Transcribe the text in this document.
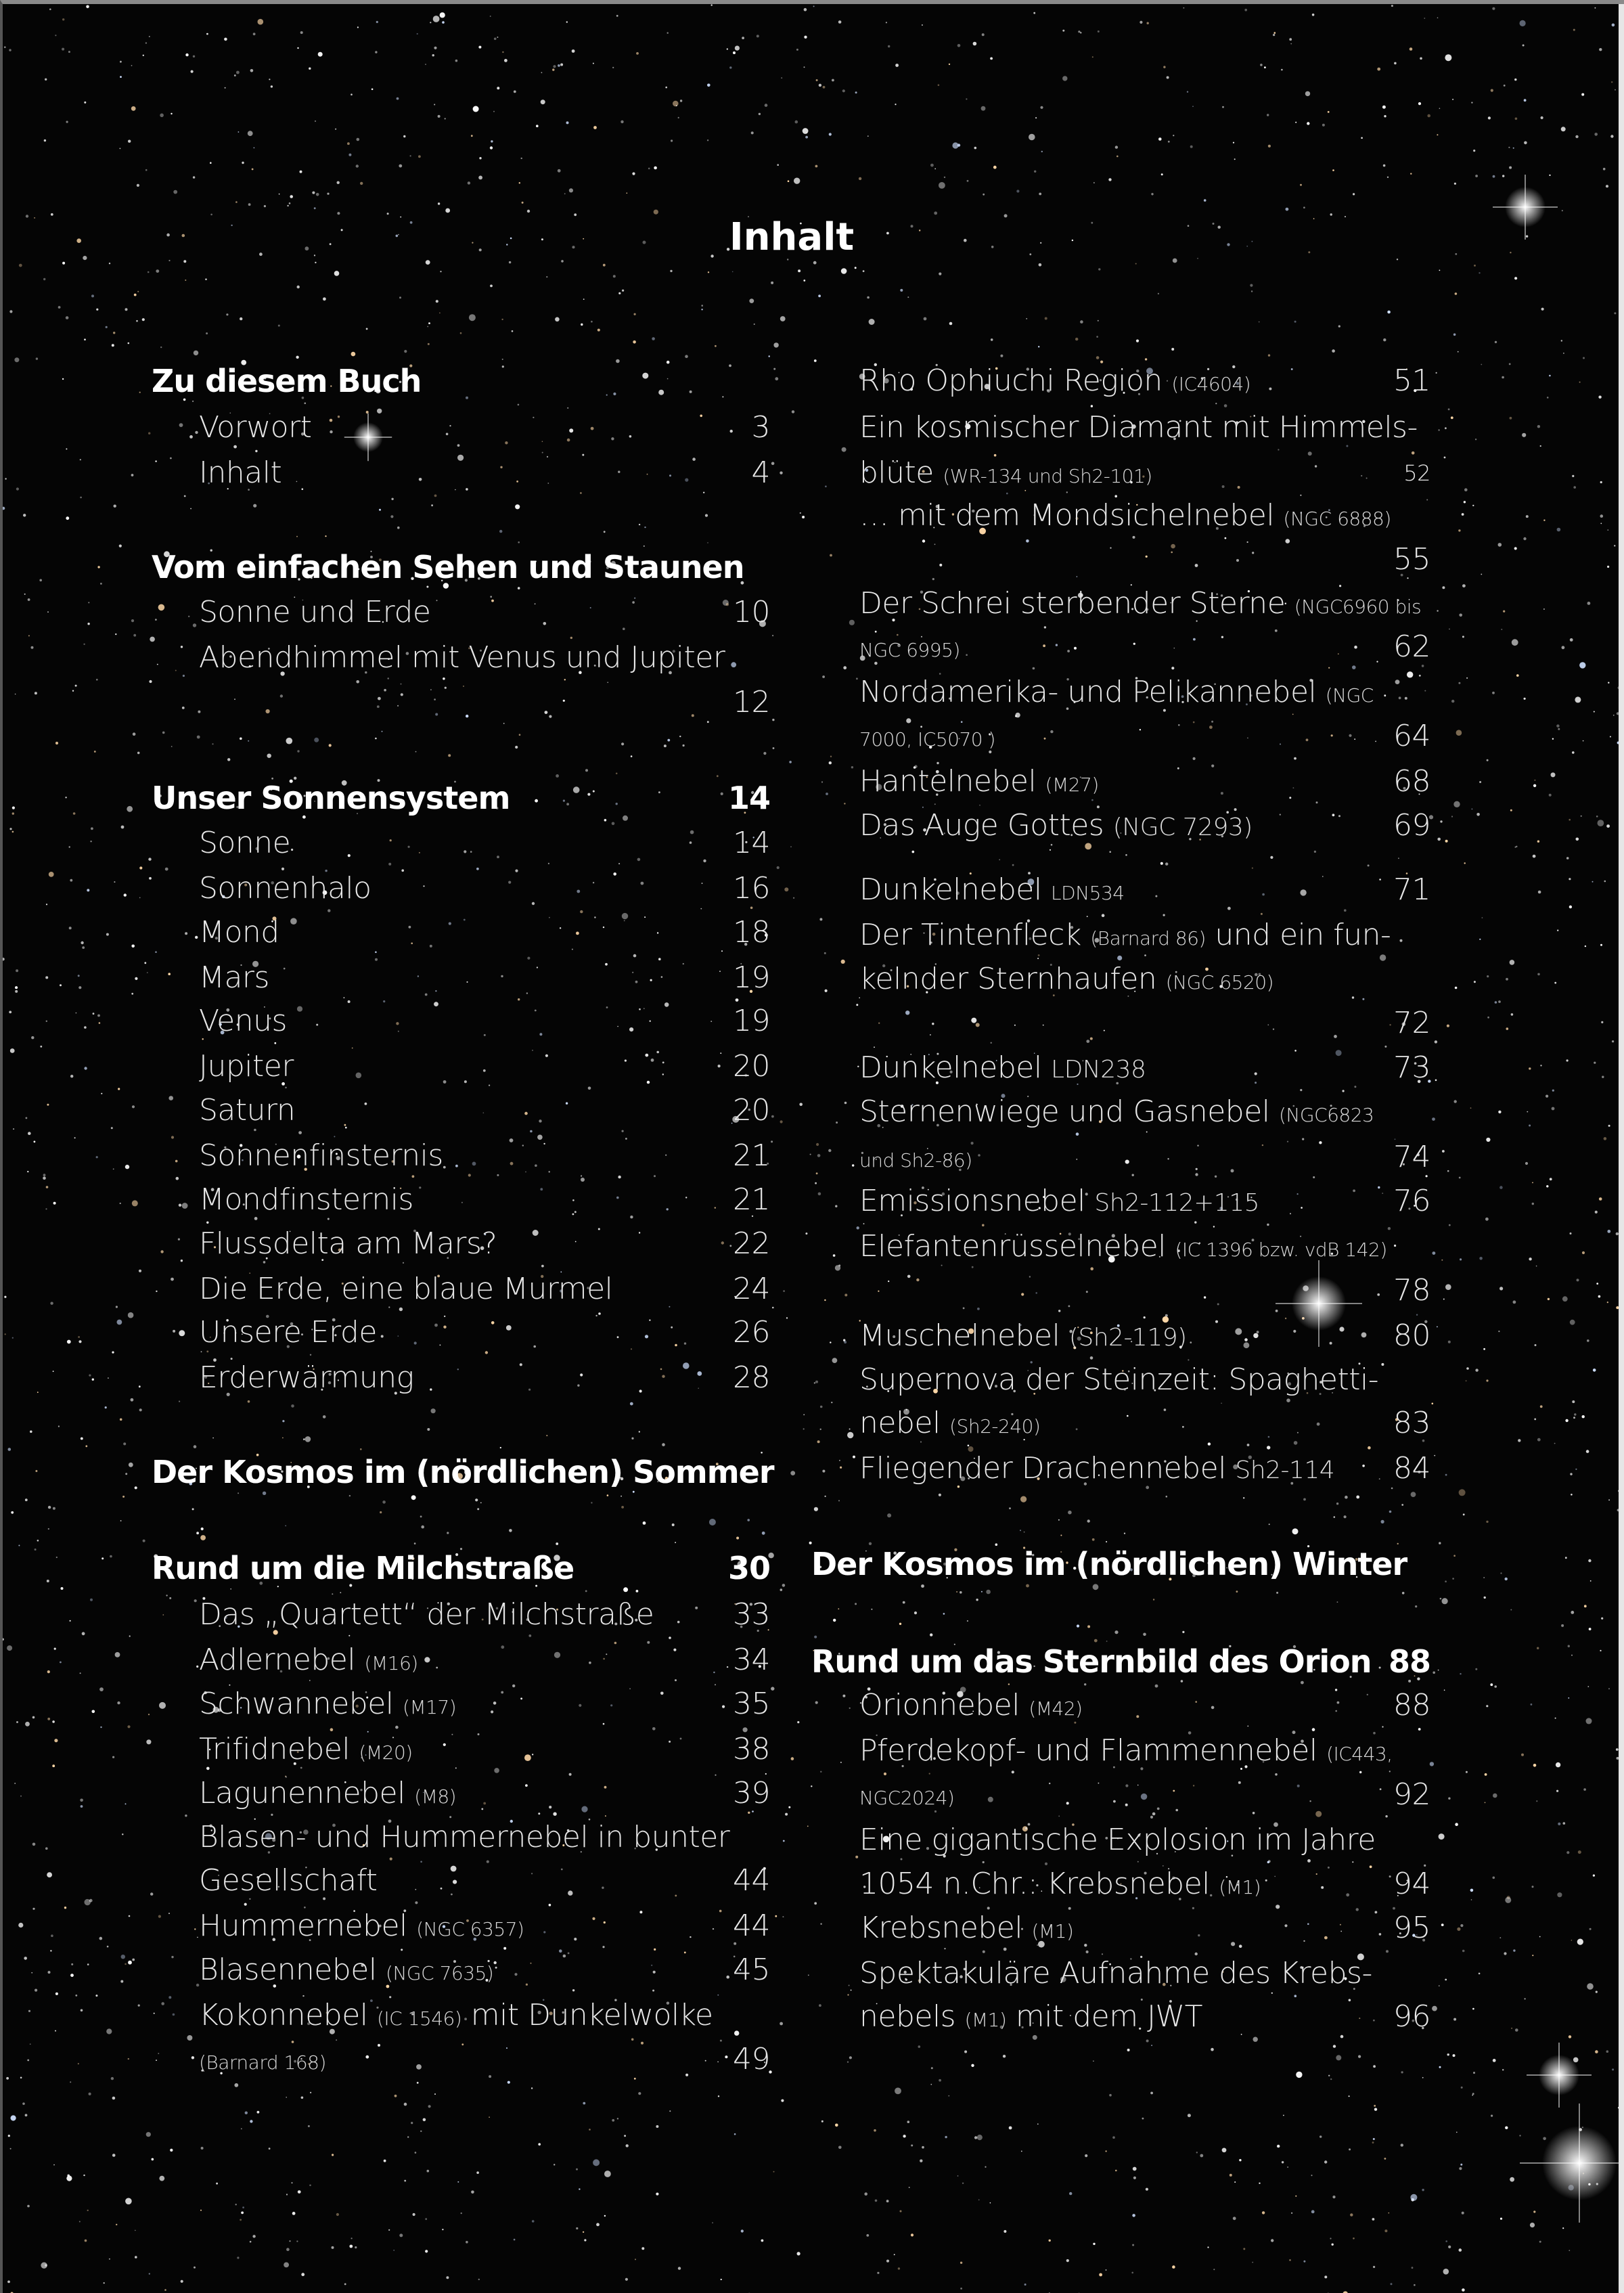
Inhalt
Zu diesem Buch
Vorwort	3
Inhalt	4
Vom einfachen Sehen und Staunen
Sonne und Erde	10
Abendhimmel mit Venus und Jupiter
12
Unser Sonnensystem	14
Sonne	14
Sonnenhalo	16
Mond	18
Mars	19
Venus	19
Jupiter	20
Saturn	20
Sonnenfinsternis	21
Mondfinsternis	21
Flussdelta am Mars?	22
Die Erde, eine blaue Murmel	24
Unsere Erde	26
Erderwärmung	28
Der Kosmos im (nördlichen) Sommer
Rund um die Milchstraße	30
Das „Quartett“ der Milchstraße	33
Adlernebel (M16)	34
Schwannebel (M17)	35
Trifidnebel (M20)	38
Lagunennebel (M8)	39
Blasen- und Hummernebel in bunter
Gesellschaft	44
Hummernebel (NGC 6357)	44
Blasennebel (NGC 7635)	45
Kokonnebel (IC 1546) mit Dunkelwolke
(Barnard 168)	49
Rho Ophiuchi Region (IC4604)	51
Ein kosmischer Diamant mit Himmels-
blüte (WR-134 und Sh2-101)	52
… mit dem Mondsichelnebel (NGC 6888)
55
Der Schrei sterbender Sterne (NGC6960 bis
NGC 6995)	62
Nordamerika- und Pelikannebel (NGC
7000, IC5070 )	64
Hantelnebel (M27)	68
Das Auge Gottes (NGC 7293)	69
Dunkelnebel LDN534	71
Der Tintenfleck (Barnard 86) und ein fun-
kelnder Sternhaufen (NGC 6520)
72
Dunkelnebel LDN238	73
Sternenwiege und Gasnebel (NGC6823
und Sh2-86)	74
Emissionsnebel Sh2-112+115	76
Elefantenrüsselnebel (IC 1396 bzw. vdB 142)
78
Muschelnebel (Sh2-119)	80
Supernova der Steinzeit: Spaghetti-
nebel (Sh2-240)	83
Fliegender Drachennebel Sh2-114 84
Der Kosmos im (nördlichen) Winter
Rund um das Sternbild des Orion 88
Orionnebel (M42)	88
Pferdekopf- und Flammennebel (IC443,
NGC2024)	92
Eine gigantische Explosion im Jahre
1054 n.Chr.: Krebsnebel (M1)	94
Krebsnebel (M1)	95
Spektakuläre Aufnahme des Krebs-
nebels (M1) mit dem JWT	96
